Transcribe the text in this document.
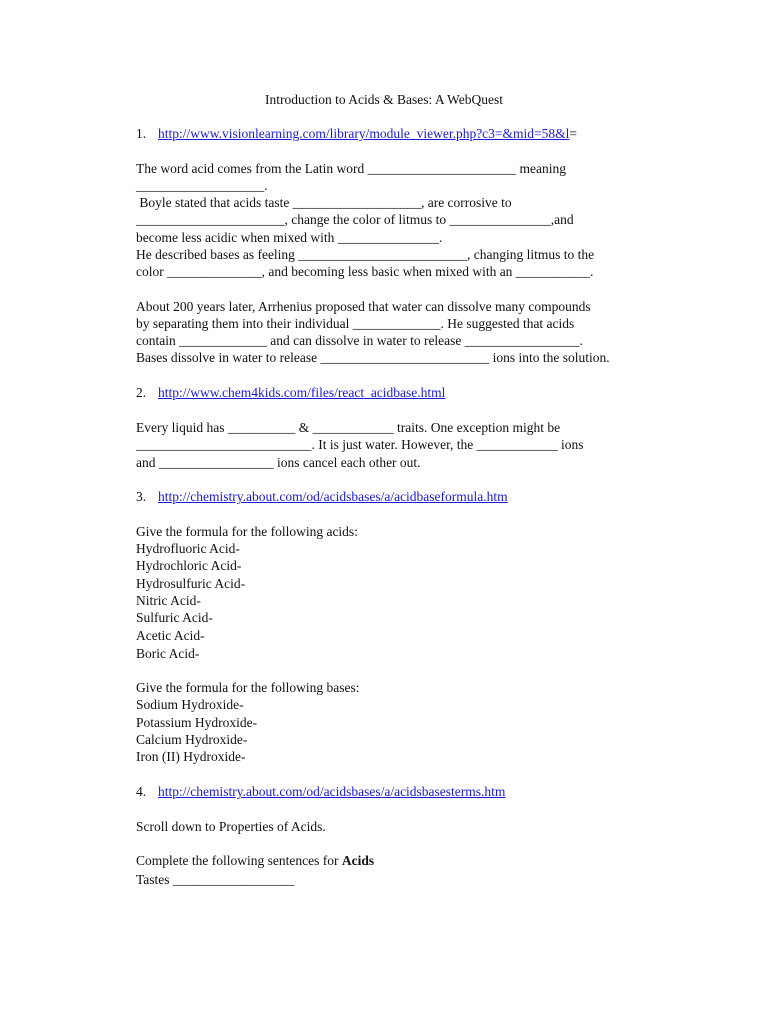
Introduction to Acids & Bases: A WebQuest
1. http://www.visionlearning.com/library/module_viewer.php?c3=&mid=58&l=
The word acid comes from the Latin word ______________________ meaning
___________________.
Boyle stated that acids taste ___________________, are corrosive to
______________________, change the color of litmus to _______________,and
become less acidic when mixed with _______________.
He described bases as feeling _________________________, changing litmus to the
color ______________, and becoming less basic when mixed with an ___________.
About 200 years later, Arrhenius proposed that water can dissolve many compounds
by separating them into their individual _____________. He suggested that acids
contain _____________ and can dissolve in water to release _________________.
Bases dissolve in water to release _________________________ ions into the solution.
2. http://www.chem4kids.com/files/react_acidbase.html
Every liquid has __________ & ____________ traits. One exception might be
__________________________. It is just water. However, the ____________ ions
and _________________ ions cancel each other out.
3. http://chemistry.about.com/od/acidsbases/a/acidbaseformula.htm
Give the formula for the following acids:
Hydrofluoric Acid-
Hydrochloric Acid-
Hydrosulfuric Acid-
Nitric Acid-
Sulfuric Acid-
Acetic Acid-
Boric Acid-
Give the formula for the following bases:
Sodium Hydroxide-
Potassium Hydroxide-
Calcium Hydroxide-
Iron (II) Hydroxide-
4. http://chemistry.about.com/od/acidsbases/a/acidsbasesterms.htm
Scroll down to Properties of Acids.
Complete the following sentences for Acids
Tastes __________________
